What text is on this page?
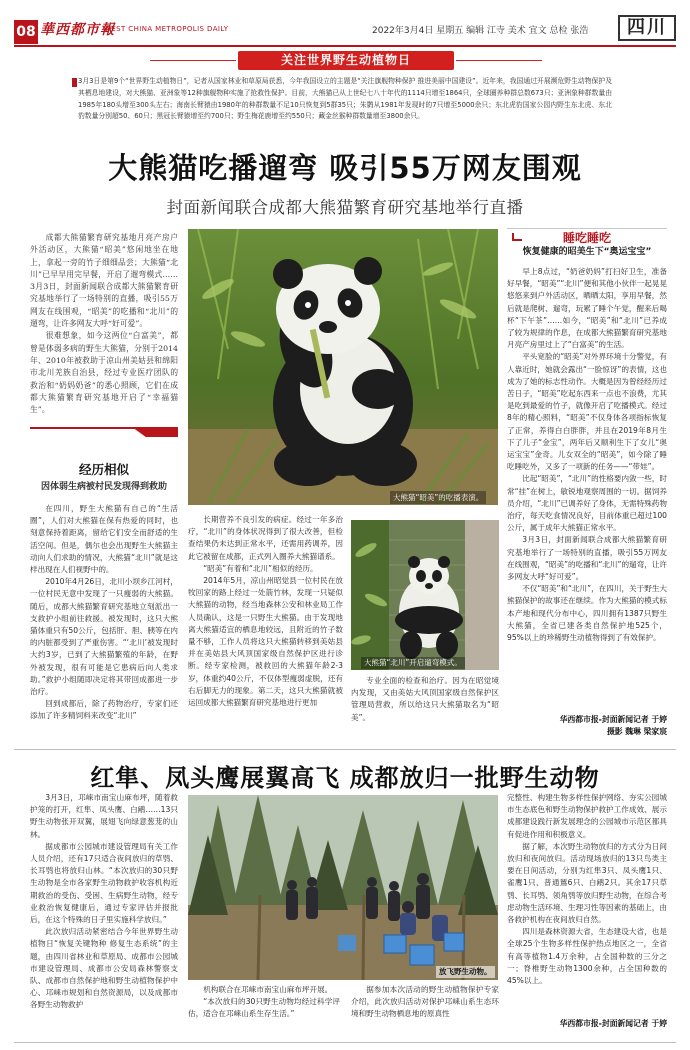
08 華西都市報
WEST CHINA METROPOLIS DAILY	2022年3月4日 星期五 编辑 江寺 美术 宜文 总检 张浩	四川
关注世界野生动植物日
3月3日是第9个“世界野生动植物日”，记者从国家林业和草原局获悉，今年我国设立的主题是“关注旗舰物种保护 推进美丽中国建设”。近年来，我国通过开展濒危野生动物保护及其栖息地建设，对大熊猫、亚洲象等12种旗舰物种实施了抢救性保护。目前，大熊猫已从上世纪七八十年代的1114只增至1864只，全球圈养种群总数673只；亚洲象种群数量由1985年180头增至300头左右；海南长臂猿由1980年的种群数量不足10只恢复到5群35只；朱鹮从1981年发现时的7只增至5000余只；东北虎豹国家公园内野生东北虎、东北豹数量分别超50、60只；黑冠长臂猿增至约700只；野生梅花鹿增至约550只；藏金丝猴种群数量增至3800余只。
大熊猫吃播遛弯 吸引55万网友围观
封面新闻联合成都大熊猫繁育研究基地举行直播

成都大熊猫繁育研究基地月亮产房户外活动区，大熊猫“昭美”悠闲地坐在地上，拿起一旁的竹子细细品尝；大熊猫“北川”已早早用完早餐，开启了遛弯模式……3月3日，封面新闻联合成都大熊猫繁育研究基地举行了一场特别的直播，吸引55万网友在线围观，“昭美”的吃播和“北川”的遛弯，让许多网友大呼“好可爱”。

很难想象，如今这两位“白富美”，都曾是体弱多病的野生大熊猫，分别于2014年、2010年被救助于凉山州美姑县和绵阳市北川羌族自治县，经过专业医疗团队的救治和“奶妈奶爸”的悉心照顾，它们在成都大熊猫繁育研究基地开启了“幸福猫生”。

经历相似
因体弱生病被村民发现得到救助

在四川，野生大熊猫有自己的“生活圈”，人们对大熊猫在保有热爱的同时，也刻意保持着距离，留给它们安全而舒适的生活空间。但是，偶尔也会出现野生大熊猫主动向人们求助的情况，大熊猫“北川”就是这样出现在人们视野中的。

2010年4月26日，北川小坝乡江河村，一位村民无意中发现了一只瘦弱的大熊猫。随后，成都大熊猫繁育研究基地立刻派出一支救护小组前往救援。被发现时，这只大熊猫体重只有50公斤，包括肝、胆、胰等在内的内脏都受到了严重伤害。“‘北川’被发现时大约3岁，已到了大熊猫繁殖的年龄，在野外被发现，很有可能是它患病后向人类求助。”救护小组随即决定将其带回成都进一步治疗。

回到成都后，除了药物治疗，专家们还添加了许多精饲料来改变“北川”

大熊猫“昭美”的吃播表演。

长期营养不良引发的病症。经过一年多治疗，“北川”的身体状况得到了很大改善，但检查结果仍未达到正常水平，还需用药调养，因此它被留在成都，正式列入圈养大熊猫谱系。

“昭美”有着和“北川”相似的经历。

2014年5月，凉山州昭觉县一位村民在放牧回家的路上经过一处箭竹林，发现一只疑似大熊猫的动物，经当地森林公安和林业局工作人员确认，这是一只野生大熊猫。由于发现地离大熊猫适宜的栖息地较远，且附近的竹子数量不够，工作人员将这只大熊猫转移到美姑县并在美姑县大风顶国家级自然保护区进行诊断。经专家检测，被救回的大熊猫年龄2-3岁，体重约40公斤，不仅体型瘦弱虚脱，还有右后脚无力的现象。第二天，这只大熊猫就被运回成都大熊猫繁育研究基地进行更加

大熊猫“北川”开启遛弯模式。

专业全面的检查和治疗。因为在昭觉境内发现，又由美姑大风顶国家级自然保护区管理局营救，所以给这只大熊猫取名为“昭美”。

睡吃睡吃
恢复健康的昭美生下“奥运宝宝”

早上8点过，“奶爸奶妈”打扫好卫生，准备好早餐，“昭美”“北川”便和其他小伙伴一起晃晃悠悠来到户外活动区，晒晒太阳，享用早餐，然后就是爬树、遛弯，玩累了睡个午觉，醒来后喝杯“下午茶”……如今，“昭美”和“北川”已养成了较为规律的作息，在成都大熊猫繁育研究基地月亮产房里过上了“白富美”的生活。

平头宽脸的“昭美”对外界环境十分警觉，有人靠近时，她就会露出“一脸惊讶”的表情，这也成为了她的标志性动作。大概是因为曾经经历过苦日子，“昭美”吃起东西来一点也不浪费，尤其是吃到最爱的竹子，就像开启了吃播模式。经过8年的精心照料，“昭美”不仅身体各项指标恢复了正常，养得白白胖胖，并且在2019年8月生下了儿子“金宝”，两年后又顺利生下了女儿“奥运宝宝”金奇。儿女双全的“昭美”，如今除了睡吃睡吃外，又多了一项新的任务——“带娃”。

比起“昭美”，“北川”的性格要内敛一些，时常“挂”在树上，敏锐地观察周围的一切。据饲养员介绍，“北川”已调养好了身体，无需特殊药物治疗，每天吃食情况良好，目前体重已超过100公斤，属于成年大熊猫正常水平。

3月3日，封面新闻联合成都大熊猫繁育研究基地举行了一场特别的直播，吸引55万网友在线围观，“昭美”的吃播和“北川”的遛弯，让许多网友大呼“好可爱”。

不仅“昭美”和“北川”，在四川，关于野生大熊猫保护的故事还在继续。作为大熊猫的模式标本产地和现代分布中心，四川拥有1387只野生大熊猫，全省已建各类自然保护地525个，95%以上的珍稀野生动植物得到了有效保护。

华西都市报-封面新闻记者 于婷
摄影 魏琳 梁家宸
红隼、凤头鹰展翼高飞 成都放归一批野生动物

3月3日，邛崃市南宝山麻布坪，随着救护笼的打开，红隼、凤头鹰、白鹇……13只野生动物张开双翼，展翅飞向绿意葱茏的山林。

据成都市公园城市建设管理局有关工作人员介绍，还有17只适合夜间放归的草鸮、长耳鸮也将放归山林。“本次放归的30只野生动物是全市各家野生动物救护收容机构近期救治的受伤、受困、生病野生动物，经专业救治恢复健康后，通过专家评估并报批后，在这个特殊的日子里实施科学放归。”

此次放归活动紧密结合今年世界野生动植物日“恢复关键物种 修复生态系统”的主题，由四川省林业和草原局、成都市公园城市建设管理局、成都市公安局森林警察支队、成都市自然保护地和野生动植物保护中心、邛崃市规划和自然资源局，以及成都市各野生动物救护

放飞野生动物。

机构联合在邛崃市南宝山麻布坪开展。

“本次放归的30只野生动物均经过科学评估，适合在邛崃山系生存生活。”

据参加本次活动的野生动植物保护专家介绍，此次放归活动对保护邛崃山系生态环境和野生动物栖息地的原真性

完整性、构建生物多样性保护网络、夯实公园城市生态底色和野生动物保护救护工作成效、展示成都建设践行新发展理念的公园城市示范区都具有促进作用和积极意义。

据了解，本次野生动物放归的方式分为日间放归和夜间放归。活动现场放归的13只鸟类主要在日间活动，分别为红隼3只、凤头鹰1只、雀鹰1只、普通鵟6只、白鹇2只。其余17只草鸮、长耳鸮、领角鸮等放归野生动物，在综合考虑动物生活环境、生理习性等因素的基础上，由各救护机构在夜间放归自然。

四川是森林资源大省，生态建设大省，也是全球25个生物多样性保护热点地区之一，全省有高等植物1.4万余种，占全国种数的三分之一；脊椎野生动物1300余种，占全国种数的45%以上。

华西都市报-封面新闻记者 于婷
